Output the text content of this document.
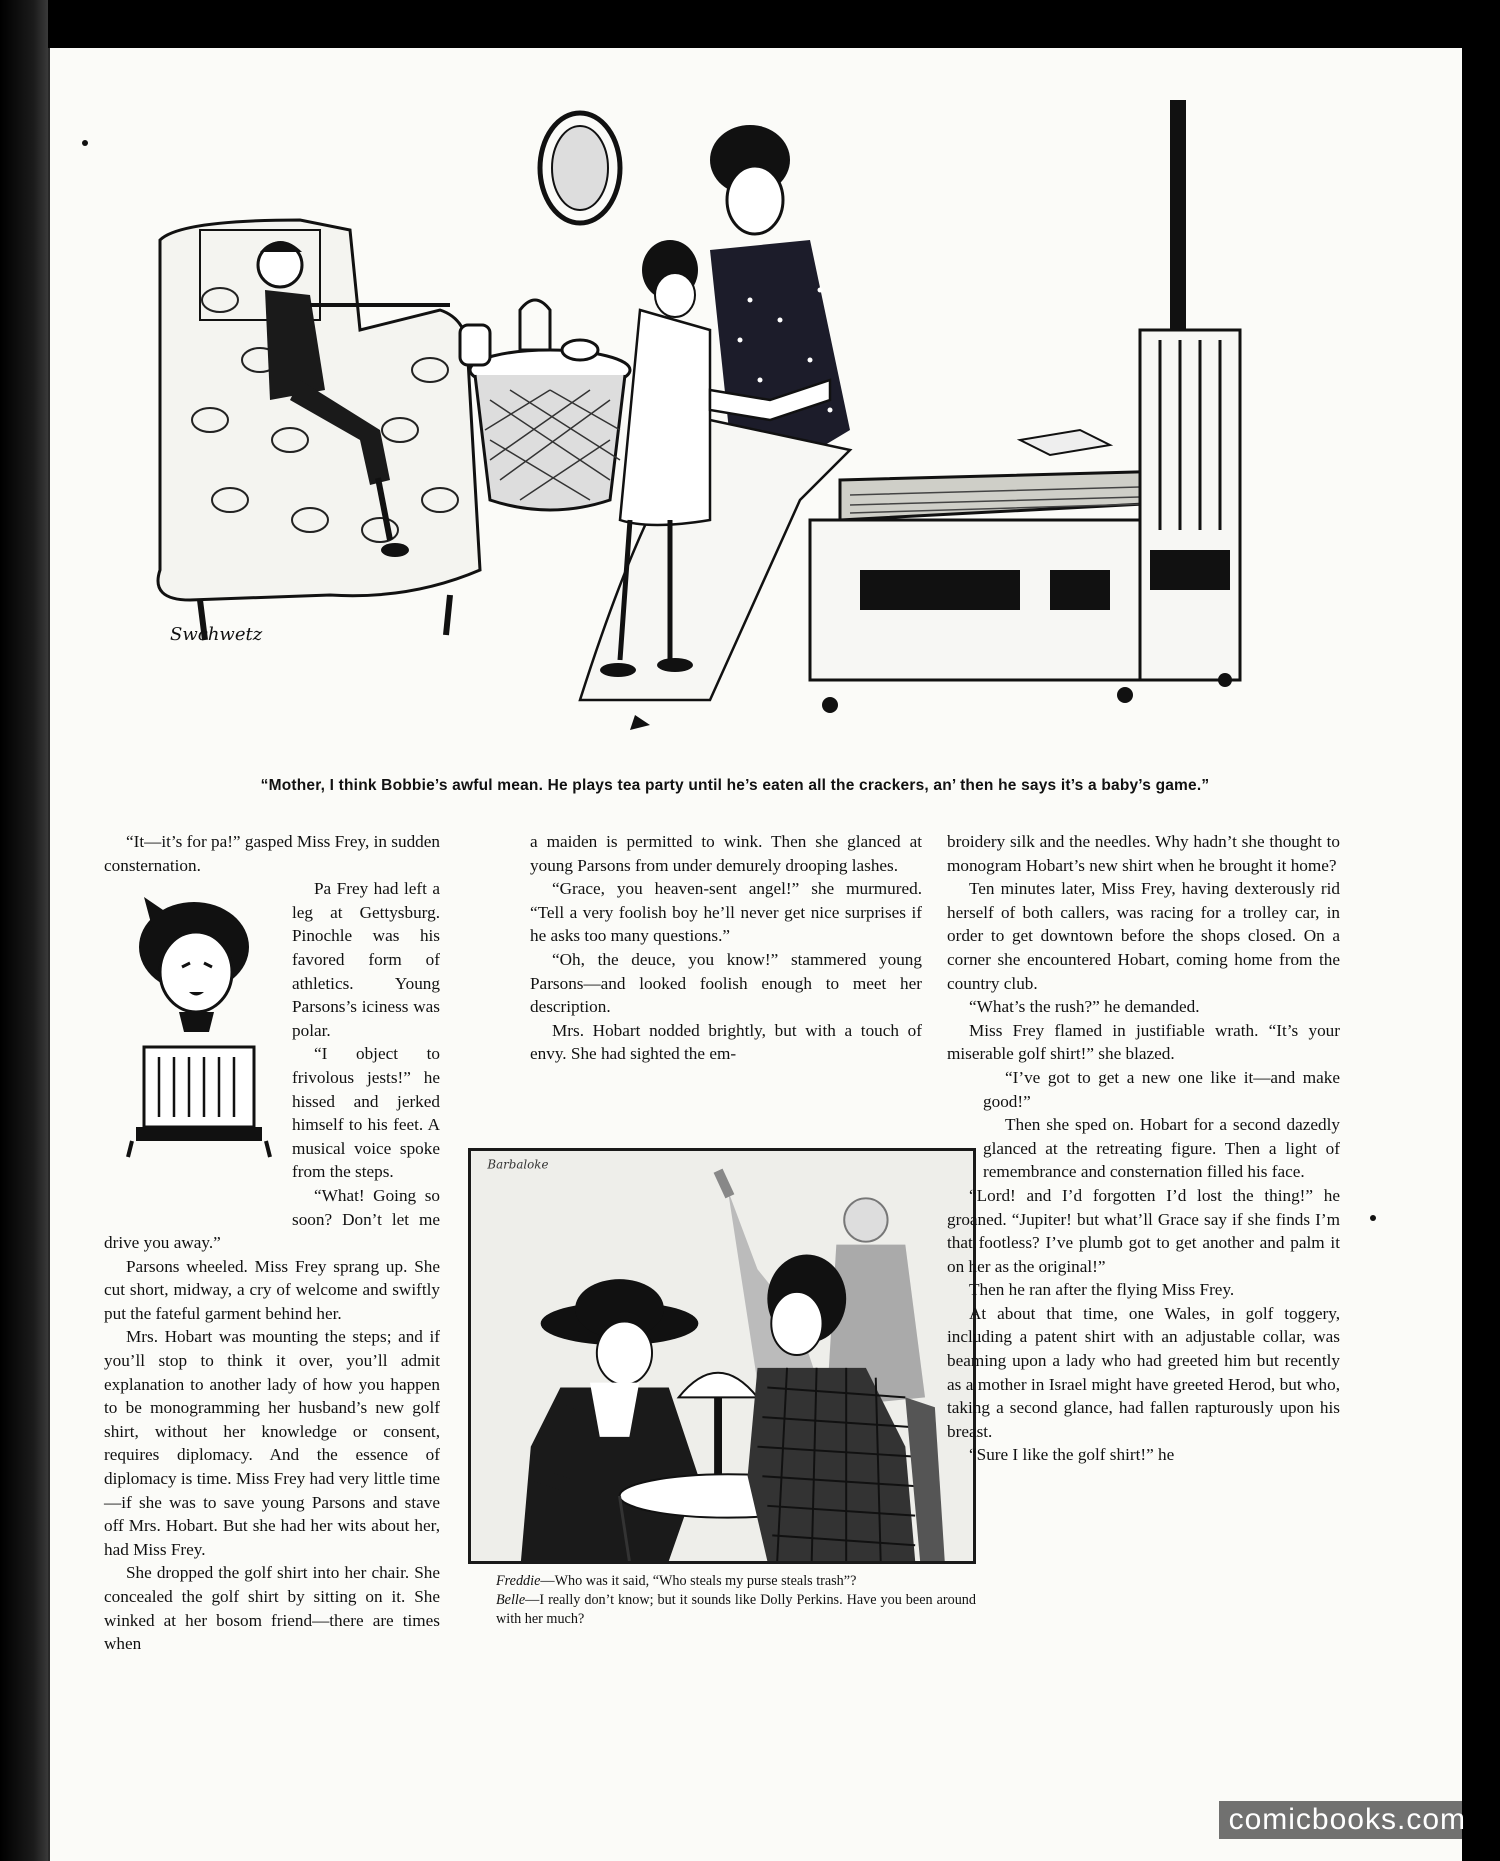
Swchwetz
“Mother, I think Bobbie’s awful mean. He plays tea party until he’s eaten all the crackers, an’ then he says it’s a baby’s game.”

“It—it’s for pa!” gasped Miss Frey, in sudden consternation.

Pa Frey had left a leg at Gettysburg. Pinochle was his favored form of athletics. Young Parsons’s iciness was polar.

“I object to frivolous jests!” he hissed and jerked himself to his feet. A musical voice spoke from the steps.

“What! Going so soon? Don’t let me drive you away.”

Parsons wheeled. Miss Frey sprang up. She cut short, midway, a cry of welcome and swiftly put the fateful garment behind her.

Mrs. Hobart was mounting the steps; and if you’ll stop to think it over, you’ll admit explanation to another lady of how you happen to be monogramming her husband’s new golf shirt, without her knowledge or consent, requires diplomacy. And the essence of diplomacy is time. Miss Frey had very little time—if she was to save young Parsons and stave off Mrs. Hobart. But she had her wits about her, had Miss Frey.

She dropped the golf shirt into her chair. She concealed the golf shirt by sitting on it. She winked at her bosom friend—there are times when

a maiden is permitted to wink. Then she glanced at young Parsons from under demurely drooping lashes.

“Grace, you heaven-sent angel!” she murmured. “Tell a very foolish boy he’ll never get nice surprises if he asks too many questions.”

“Oh, the deuce, you know!” stammered young Parsons—and looked foolish enough to meet her description.

Mrs. Hobart nodded brightly, but with a touch of envy. She had sighted the em-

Barbaloke

Freddie—Who was it said, “Who steals my purse steals trash”?

Belle—I really don’t know; but it sounds like Dolly Perkins. Have you been around with her much?

broidery silk and the needles. Why hadn’t she thought to monogram Hobart’s new shirt when he brought it home?

Ten minutes later, Miss Frey, having dexterously rid herself of both callers, was racing for a trolley car, in order to get downtown before the shops closed. On a corner she encountered Hobart, coming home from the country club.

“What’s the rush?” he demanded.

Miss Frey flamed in justifiable wrath. “It’s your miserable golf shirt!” she blazed.

“I’ve got to get a new one like it—and make good!”

Then she sped on. Hobart for a second dazedly glanced at the retreating figure. Then a light of remembrance and consternation filled his face.

“Lord! and I’d forgotten I’d lost the thing!” he groaned. “Jupiter! but what’ll Grace say if she finds I’m that footless? I’ve plumb got to get another and palm it on her as the original!”

Then he ran after the flying Miss Frey.

At about that time, one Wales, in golf toggery, including a patent shirt with an adjustable collar, was beaming upon a lady who had greeted him but recently as a mother in Israel might have greeted Herod, but who, taking a second glance, had fallen rapturously upon his breast.

“Sure I like the golf shirt!” he

comicbooks.com
